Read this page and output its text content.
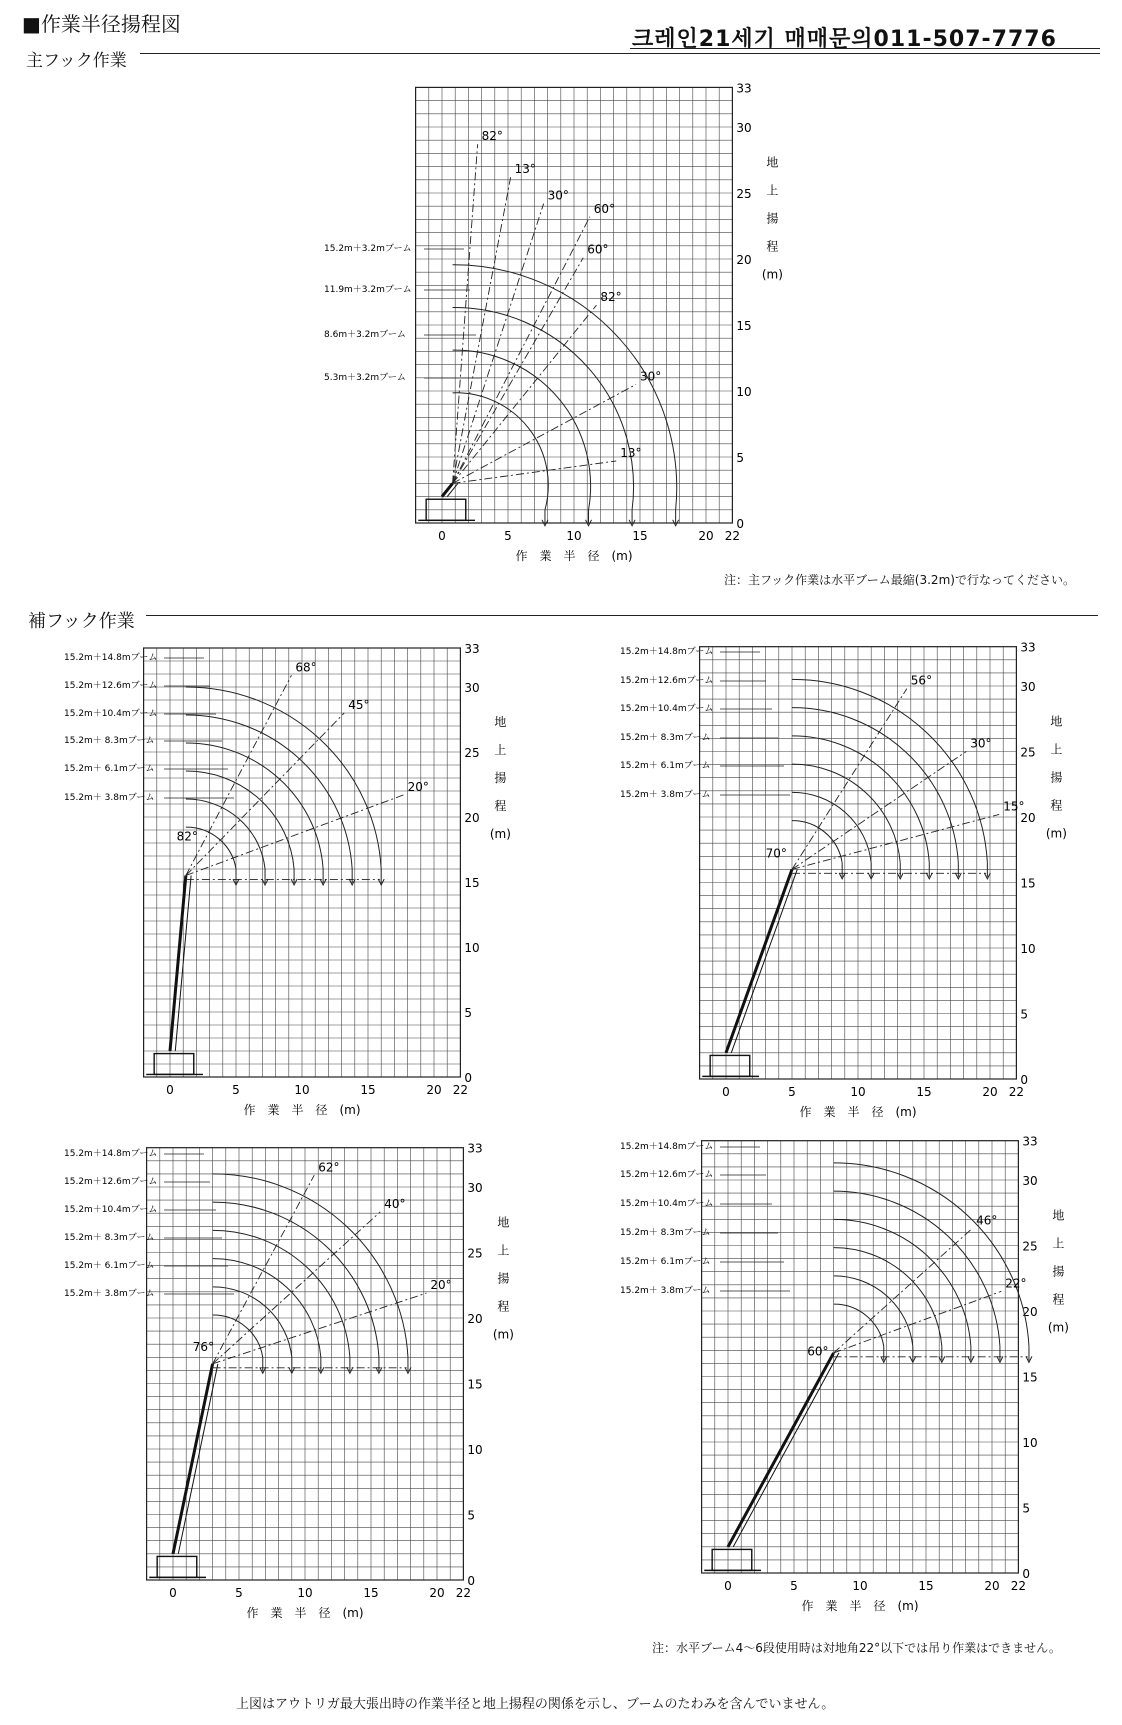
■作業半径揚程図
크레인21세기 매매문의011-507-7776
主フック作業
注：主フック作業は水平ブーム最縮(3.2m)で行なってください。
補フック作業
注：水平ブーム4～6段使用時は対地角22°以下では吊り作業はできません。
上図はアウトリガ最大張出時の作業半径と地上揚程の関係を示し、ブームのたわみを含んでいません。
0	5	10	15	20 22
0
5
10
15
20
25
30
33
作　業　半　径　(m)
地
上
揚
程
(m)
15.2m＋3.2mブーム
11.9m＋3.2mブーム
8.6m＋3.2mブーム
5.3m＋3.2mブーム
82°
13°
30°
60°
60°
82°
30°
13°
0	5	10	15	20 22
0
5
10
15
20
25
30
33
作　業　半　径　(m)
地
上
揚
程
(m)
15.2m＋14.8mブーム
15.2m＋12.6mブーム
15.2m＋10.4mブーム
15.2m＋ 8.3mブーム
15.2m＋ 6.1mブーム
15.2m＋ 3.8mブーム
68°
45°
20°
82°
0	5	10	15	20 22
0
5
10
15
20
25
30
33
作　業　半　径　(m)
地
上
揚
程
(m)
15.2m＋14.8mブーム
15.2m＋12.6mブーム
15.2m＋10.4mブーム
15.2m＋ 8.3mブーム
15.2m＋ 6.1mブーム
15.2m＋ 3.8mブーム
56°
30°
15°
70°
0	5	10	15	20 22
0
5
10
15
20
25
30
33
作　業　半　径　(m)
地
上
揚
程
(m)
15.2m＋14.8mブーム
15.2m＋12.6mブーム
15.2m＋10.4mブーム
15.2m＋ 8.3mブーム
15.2m＋ 6.1mブーム
15.2m＋ 3.8mブーム
62°
40°
20°
76°
0	5	10	15	20 22
0
5
10
15
20
25
30
33
作　業　半　径　(m)
地
上
揚
程
(m)
15.2m＋14.8mブーム
15.2m＋12.6mブーム
15.2m＋10.4mブーム
15.2m＋ 8.3mブーム
15.2m＋ 6.1mブーム
15.2m＋ 3.8mブーム
46°
22°
60°
